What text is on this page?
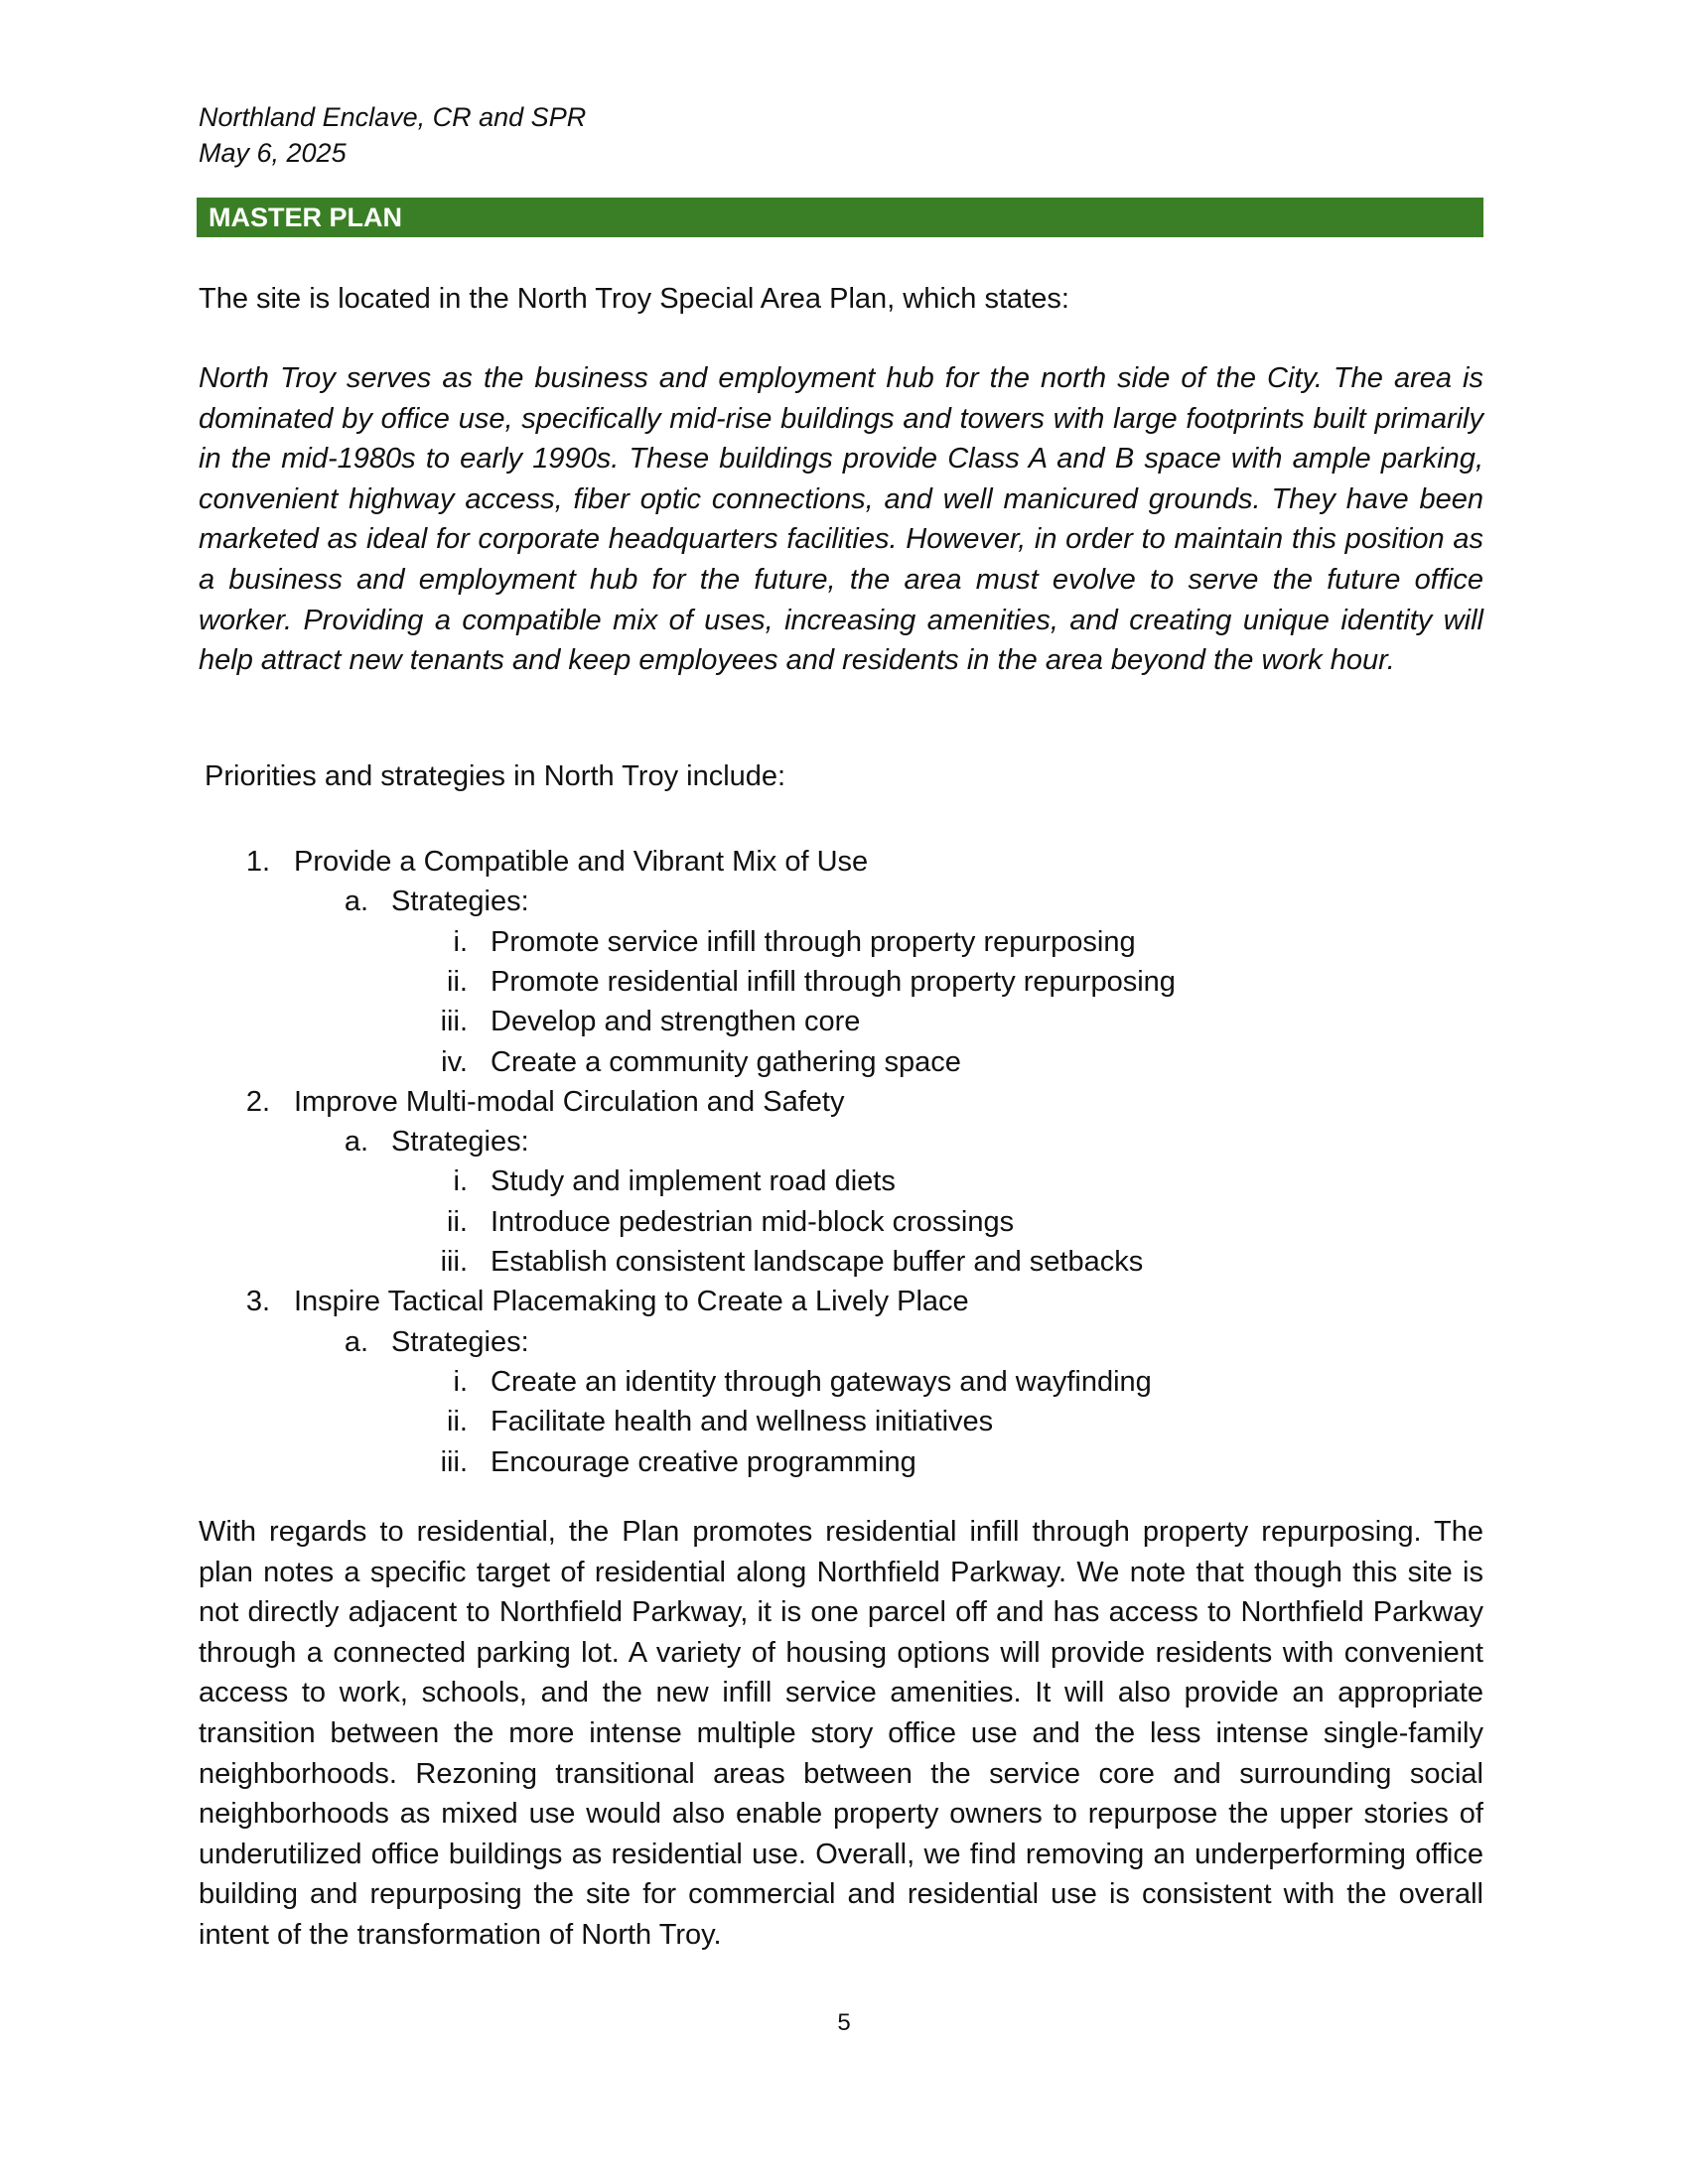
Northland Enclave, CR and SPR
May 6, 2025
MASTER PLAN
The site is located in the North Troy Special Area Plan, which states:

North Troy serves as the business and employment hub for the north side of the City. The area is dominated by office use, specifically mid-rise buildings and towers with large footprints built primarily in the mid-1980s to early 1990s. These buildings provide Class A and B space with ample parking, convenient highway access, fiber optic connections, and well manicured grounds. They have been marketed as ideal for corporate headquarters facilities. However, in order to maintain this position as a business and employment hub for the future, the area must evolve to serve the future office worker. Providing a compatible mix of uses, increasing amenities, and creating unique identity will help attract new tenants and keep employees and residents in the area beyond the work hour.

Priorities and strategies in North Troy include:
1. Provide a Compatible and Vibrant Mix of Use
a. Strategies:
i. Promote service infill through property repurposing
ii. Promote residential infill through property repurposing
iii. Develop and strengthen core
iv. Create a community gathering space
2. Improve Multi-modal Circulation and Safety
a. Strategies:
i. Study and implement road diets
ii. Introduce pedestrian mid-block crossings
iii. Establish consistent landscape buffer and setbacks
3. Inspire Tactical Placemaking to Create a Lively Place
a. Strategies:
i. Create an identity through gateways and wayfinding
ii. Facilitate health and wellness initiatives
iii. Encourage creative programming

With regards to residential, the Plan promotes residential infill through property repurposing. The plan notes a specific target of residential along Northfield Parkway. We note that though this site is not directly adjacent to Northfield Parkway, it is one parcel off and has access to Northfield Parkway through a connected parking lot. A variety of housing options will provide residents with convenient access to work, schools, and the new infill service amenities. It will also provide an appropriate transition between the more intense multiple story office use and the less intense single-family neighborhoods. Rezoning transitional areas between the service core and surrounding social neighborhoods as mixed use would also enable property owners to repurpose the upper stories of underutilized office buildings as residential use. Overall, we find removing an underperforming office building and repurposing the site for commercial and residential use is consistent with the overall intent of the transformation of North Troy.

5
